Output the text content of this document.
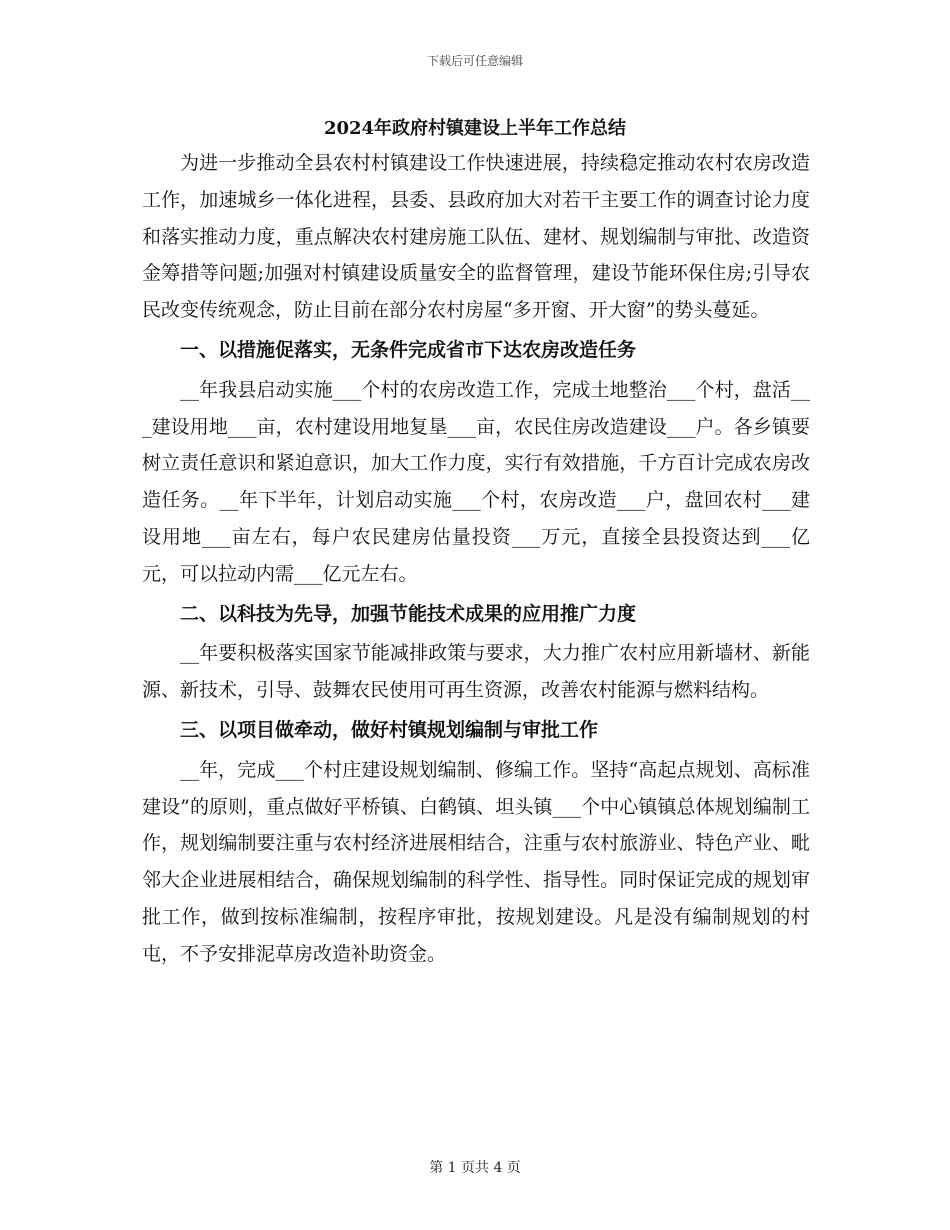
下载后可任意编辑
2024年政府村镇建设上半年工作总结

为进一步推动全县农村村镇建设工作快速进展，持续稳定推动农村农房改造工作，加速城乡一体化进程，县委、县政府加大对若干主要工作的调查讨论力度和落实推动力度，重点解决农村建房施工队伍、建材、规划编制与审批、改造资金筹措等问题;加强对村镇建设质量安全的监督管理，建设节能环保住房;引导农民改变传统观念，防止目前在部分农村房屋“多开窗、开大窗”的势头蔓延。

一、以措施促落实，无条件完成省市下达农房改造任务

__年我县启动实施___个村的农房改造工作，完成土地整治___个村，盘活___建设用地___亩，农村建设用地复垦___亩，农民住房改造建设___户。各乡镇要树立责任意识和紧迫意识，加大工作力度，实行有效措施，千方百计完成农房改造任务。__年下半年，计划启动实施___个村，农房改造___户，盘回农村___建设用地___亩左右，每户农民建房估量投资___万元，直接全县投资达到___亿元，可以拉动内需___亿元左右。

二、以科技为先导，加强节能技术成果的应用推广力度

__年要积极落实国家节能减排政策与要求，大力推广农村应用新墙材、新能源、新技术，引导、鼓舞农民使用可再生资源，改善农村能源与燃料结构。

三、以项目做牵动，做好村镇规划编制与审批工作

__年，完成___个村庄建设规划编制、修编工作。坚持“高起点规划、高标准建设”的原则，重点做好平桥镇、白鹤镇、坦头镇___个中心镇镇总体规划编制工作，规划编制要注重与农村经济进展相结合，注重与农村旅游业、特色产业、毗邻大企业进展相结合，确保规划编制的科学性、指导性。同时保证完成的规划审批工作，做到按标准编制，按程序审批，按规划建设。凡是没有编制规划的村屯，不予安排泥草房改造补助资金。

第 1 页共 4 页
